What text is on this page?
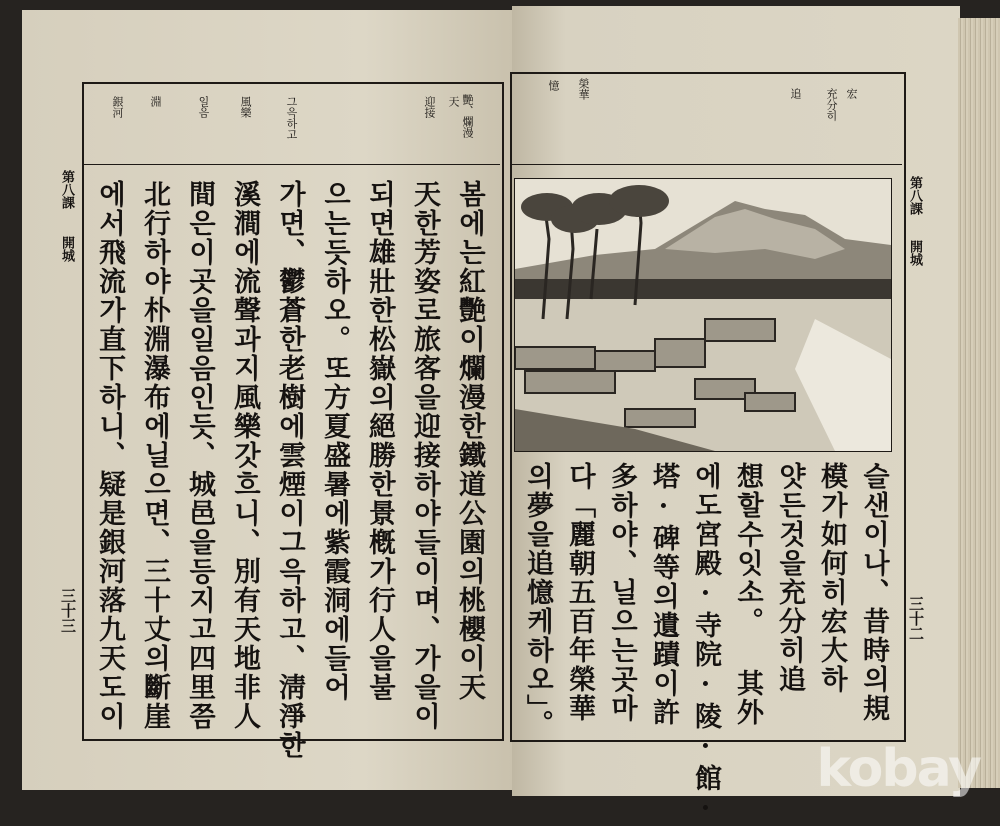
艷、爛漫
天
迎接
그윽하고
風樂
일음
淵
銀河
봄에는紅艷이爛漫한鐵道公園의桃櫻이天
天한芳姿로旅客을迎接하야들이며、가을이
되면雄壯한松嶽의絕勝한景槪가行人을불
으는듯하오。또方夏盛暑에紫霞洞에들어
가면、鬱蒼한老樹에雲煙이그윽하고、淸淨한
溪澗에流聲과지風樂갓흐니、別有天地非人
間은이곳을일음인듯、城邑을등지고四里쯤
北行하야朴淵瀑布에닐으면、三十丈의斷崖
에서飛流가直下하니、疑是銀河落九天도이
第八課
開城
三十三
宏
充分히
追
榮華
憶
슬샌이나、昔時의規
模가如何히宏大하
얏든것을充分히追
想할수잇소。 其外
에도宮殿·寺院·陵·館·
塔·碑等의遺蹟이許
多하야、닐으는곳마
다「麗朝五百年榮華
의夢을追憶케하오」。
第八課
開城
三十二
kobay
